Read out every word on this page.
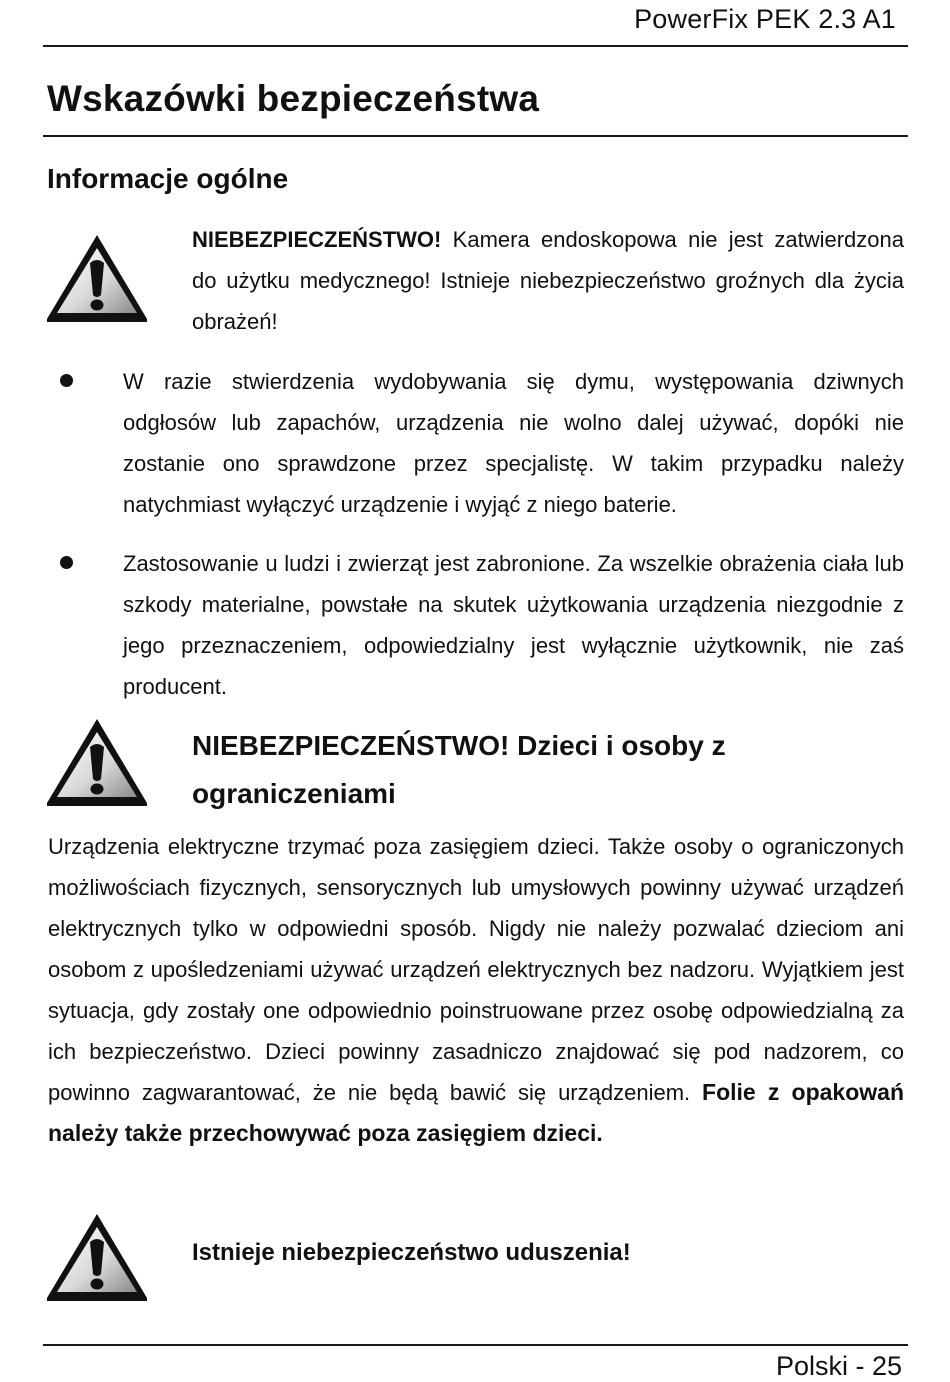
PowerFix PEK 2.3 A1
Wskazówki bezpieczeństwa
Informacje ogólne

NIEBEZPIECZEŃSTWO! Kamera endoskopowa nie jest zatwierdzona do użytku medycznego! Istnieje niebezpieczeństwo groźnych dla życia obrażeń!

W razie stwierdzenia wydobywania się dymu, występowania dziwnych odgłosów lub zapachów, urządzenia nie wolno dalej używać, dopóki nie zostanie ono sprawdzone przez specjalistę. W takim przypadku należy natychmiast wyłączyć urządzenie i wyjąć z niego baterie.

Zastosowanie u ludzi i zwierząt jest zabronione. Za wszelkie obrażenia ciała lub szkody materialne, powstałe na skutek użytkowania urządzenia niezgodnie z jego przeznaczeniem, odpowiedzialny jest wyłącznie użytkownik, nie zaś producent.

NIEBEZPIECZEŃSTWO! Dzieci i osoby z ograniczeniami

Urządzenia elektryczne trzymać poza zasięgiem dzieci. Także osoby o ograniczonych możliwościach fizycznych, sensorycznych lub umysłowych powinny używać urządzeń elektrycznych tylko w odpowiedni sposób. Nigdy nie należy pozwalać dzieciom ani osobom z upośledzeniami używać urządzeń elektrycznych bez nadzoru. Wyjątkiem jest sytuacja, gdy zostały one odpowiednio poinstruowane przez osobę odpowiedzialną za ich bezpieczeństwo. Dzieci powinny zasadniczo znajdować się pod nadzorem, co powinno zagwarantować, że nie będą bawić się urządzeniem. Folie z opakowań należy także przechowywać poza zasięgiem dzieci.

Istnieje niebezpieczeństwo uduszenia!

Polski - 25
